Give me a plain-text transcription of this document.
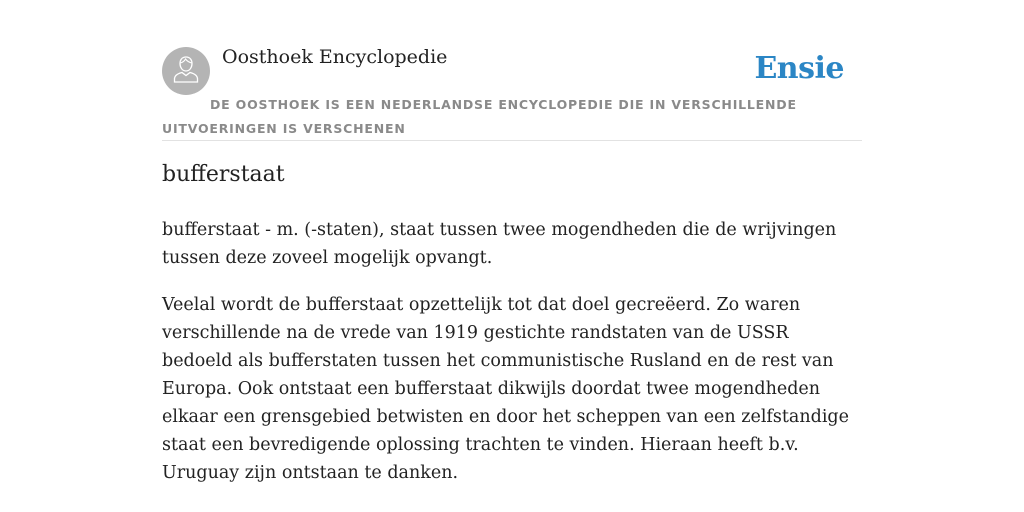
Oosthoek Encyclopedie	Ensie
DE OOSTHOEK IS EEN NEDERLANDSE ENCYCLOPEDIE DIE IN VERSCHILLENDE UITVOERINGEN IS VERSCHENEN
bufferstaat

bufferstaat - m. (-staten), staat tussen twee mogendheden die de wrijvingen tussen deze zoveel mogelijk opvangt.

Veelal wordt de bufferstaat opzettelijk tot dat doel gecreëerd. Zo waren verschillende na de vrede van 1919 gestichte randstaten van de USSR bedoeld als bufferstaten tussen het communistische Rusland en de rest van Europa. Ook ontstaat een bufferstaat dikwijls doordat twee mogendheden elkaar een grensgebied betwisten en door het scheppen van een zelfstandige staat een bevredigende oplossing trachten te vinden. Hieraan heeft b.v. Uruguay zijn ontstaan te danken.
